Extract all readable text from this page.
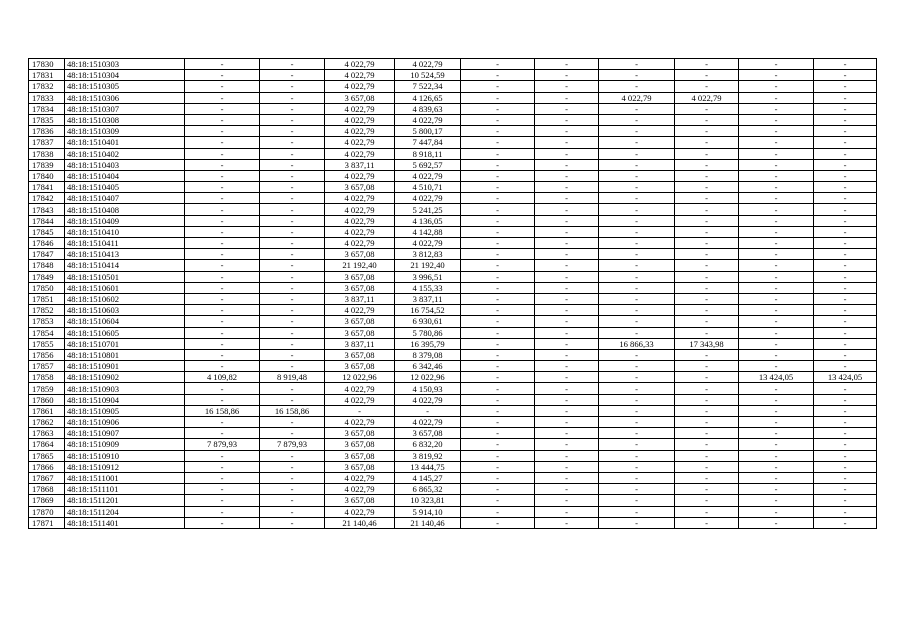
17830	48:18:1510303	-	-	4 022,79	4 022,79	-	-	-	-	-	-
17831	48:18:1510304	-	-	4 022,79	10 524,59	-	-	-	-	-	-
17832	48:18:1510305	-	-	4 022,79	7 522,34	-	-	-	-	-	-
17833	48:18:1510306	-	-	3 657,08	4 126,65	-	-	4 022,79	4 022,79	-	-
17834	48:18:1510307	-	-	4 022,79	4 839,63	-	-	-	-	-	-
17835	48:18:1510308	-	-	4 022,79	4 022,79	-	-	-	-	-	-
17836	48:18:1510309	-	-	4 022,79	5 800,17	-	-	-	-	-	-
17837	48:18:1510401	-	-	4 022,79	7 447,84	-	-	-	-	-	-
17838	48:18:1510402	-	-	4 022,79	8 918,11	-	-	-	-	-	-
17839	48:18:1510403	-	-	3 837,11	5 692,57	-	-	-	-	-	-
17840	48:18:1510404	-	-	4 022,79	4 022,79	-	-	-	-	-	-
17841	48:18:1510405	-	-	3 657,08	4 510,71	-	-	-	-	-	-
17842	48:18:1510407	-	-	4 022,79	4 022,79	-	-	-	-	-	-
17843	48:18:1510408	-	-	4 022,79	5 241,25	-	-	-	-	-	-
17844	48:18:1510409	-	-	4 022,79	4 136,05	-	-	-	-	-	-
17845	48:18:1510410	-	-	4 022,79	4 142,88	-	-	-	-	-	-
17846	48:18:1510411	-	-	4 022,79	4 022,79	-	-	-	-	-	-
17847	48:18:1510413	-	-	3 657,08	3 812,83	-	-	-	-	-	-
17848	48:18:1510414	-	-	21 192,40	21 192,40	-	-	-	-	-	-
17849	48:18:1510501	-	-	3 657,08	3 996,51	-	-	-	-	-	-
17850	48:18:1510601	-	-	3 657,08	4 155,33	-	-	-	-	-	-
17851	48:18:1510602	-	-	3 837,11	3 837,11	-	-	-	-	-	-
17852	48:18:1510603	-	-	4 022,79	16 754,52	-	-	-	-	-	-
17853	48:18:1510604	-	-	3 657,08	6 930,61	-	-	-	-	-	-
17854	48:18:1510605	-	-	3 657,08	5 780,86	-	-	-	-	-	-
17855	48:18:1510701	-	-	3 837,11	16 395,79	-	-	16 866,33	17 343,98	-	-
17856	48:18:1510801	-	-	3 657,08	8 379,08	-	-	-	-	-	-
17857	48:18:1510901	-	-	3 657,08	6 342,46	-	-	-	-	-	-
17858	48:18:1510902	4 109,82	8 919,48	12 022,96	12 022,96	-	-	-	-	13 424,05	13 424,05
17859	48:18:1510903	-	-	4 022,79	4 150,93	-	-	-	-	-	-
17860	48:18:1510904	-	-	4 022,79	4 022,79	-	-	-	-	-	-
17861	48:18:1510905	16 158,86	16 158,86	-	-	-	-	-	-	-	-
17862	48:18:1510906	-	-	4 022,79	4 022,79	-	-	-	-	-	-
17863	48:18:1510907	-	-	3 657,08	3 657,08	-	-	-	-	-	-
17864	48:18:1510909	7 879,93	7 879,93	3 657,08	6 832,20	-	-	-	-	-	-
17865	48:18:1510910	-	-	3 657,08	3 819,92	-	-	-	-	-	-
17866	48:18:1510912	-	-	3 657,08	13 444,75	-	-	-	-	-	-
17867	48:18:1511001	-	-	4 022,79	4 145,27	-	-	-	-	-	-
17868	48:18:1511101	-	-	4 022,79	6 865,32	-	-	-	-	-	-
17869	48:18:1511201	-	-	3 657,08	10 323,81	-	-	-	-	-	-
17870	48:18:1511204	-	-	4 022,79	5 914,10	-	-	-	-	-	-
17871	48:18:1511401	-	-	21 140,46	21 140,46	-	-	-	-	-	-
